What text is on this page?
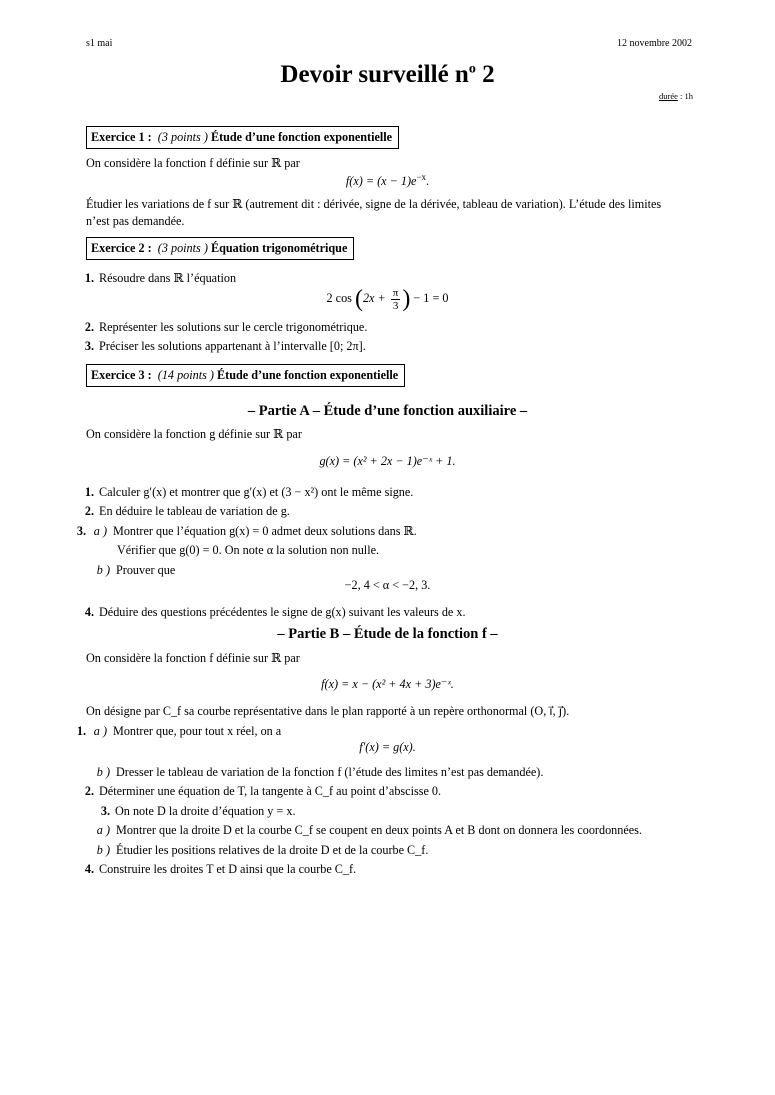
s1 mai	12 novembre 2002
Devoir surveillé $n^o$ 2
durée : 1h
Exercice 1 : (3 points ) Étude d’une fonction exponentielle
On considère la fonction f définie sur ℝ par
$f(x) = (x - 1)e^{-x}$.
Étudier les variations de f sur ℝ (autrement dit : dérivée, signe de la dérivée, tableau de variation). L’étude des limites
n’est pas demandée.
Exercice 2 : (3 points ) Équation trigonométrique
1. Résoudre dans ℝ l’équation
2 $\cos (2x + \frac{\pi}{3}$ ) − 1 = 0
2. Représenter les solutions sur le cercle trigonométrique.
3. Préciser les solutions appartenant à l’intervalle [0; 2π].
Exercice 3 : (14 points ) Étude d’une fonction exponentielle
– Partie A – Étude d’une fonction auxiliaire –
On considère la fonction g définie sur ℝ par
g(x) = (x² + 2x − 1)e⁻ˣ + 1.
1. Calculer g′(x) et montrer que g′(x) et (3 − x²) ont le même signe.
2. En déduire le tableau de variation de g.
3. a ) Montrer que l’équation g(x) = 0 admet deux solutions dans ℝ.
Vérifier que g(0) = 0. On note α la solution non nulle.
b ) Prouver que
−2, 4 < α < −2, 3.
4. Déduire des questions précédentes le signe de g(x) suivant les valeurs de x.
– Partie B – Étude de la fonction f –
On considère la fonction f définie sur ℝ par
f(x) = x − (x² + 4x + 3)e⁻ˣ.
On désigne par C_f sa courbe représentative dans le plan rapporté à un repère orthonormal (O, i⃗, j⃗).
1. a ) Montrer que, pour tout x réel, on a
f′(x) = g(x).
b ) Dresser le tableau de variation de la fonction f (l’étude des limites n’est pas demandée).
2. Déterminer une équation de T, la tangente à C_f au point d’abscisse 0.
3. On note D la droite d’équation y = x.
a ) Montrer que la droite D et la courbe C_f se coupent en deux points A et B dont on donnera les coordonnées.
b ) Étudier les positions relatives de la droite D et de la courbe C_f.
4. Construire les droites T et D ainsi que la courbe C_f.
